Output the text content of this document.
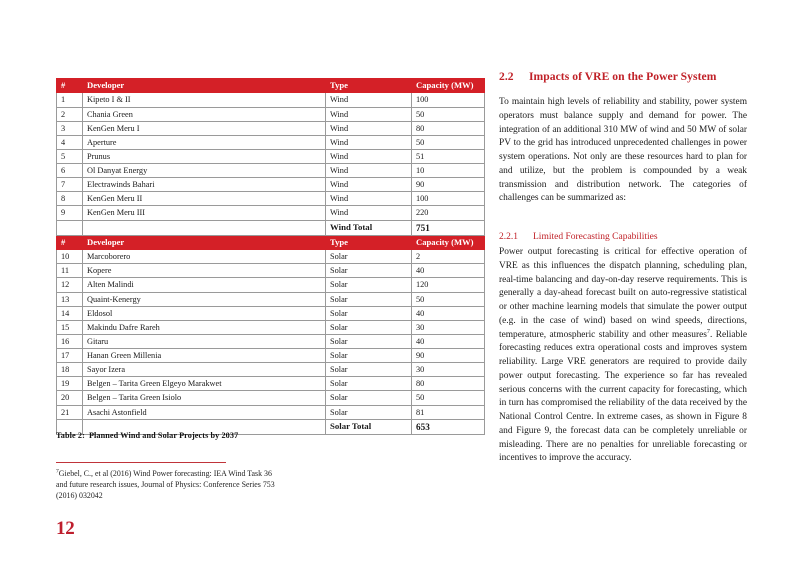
#	Developer	Type	Capacity (MW)
1	Kipeto I & II	Wind	100
2	Chania Green	Wind	50
3	KenGen Meru I	Wind	80
4	Aperture	Wind	50
5	Prunus	Wind	51
6	Ol Danyat Energy	Wind	10
7	Electrawinds Bahari	Wind	90
8	KenGen Meru II	Wind	100
9	KenGen Meru III	Wind	220
		Wind Total	751
#	Developer	Type	Capacity (MW)
10	Marcoborero	Solar	2
11	Kopere	Solar	40
12	Alten Malindi	Solar	120
13	Quaint-Kenergy	Solar	50
14	Eldosol	Solar	40
15	Makindu Dafre Rareh	Solar	30
16	Gitaru	Solar	40
17	Hanan Green Millenia	Solar	90
18	Sayor Izera	Solar	30
19	Belgen – Tarita Green Elgeyo Marakwet	Solar	80
20	Belgen – Tarita Green Isiolo	Solar	50
21	Asachi Astonfield	Solar	81
		Solar Total	653
Table 2: Planned Wind and Solar Projects by 2037
$^7$Giebel, C., et al (2016) Wind Power forecasting: IEA Wind Task 36 and future research issues, Journal of Physics: Conference Series 753 (2016) 032042
12
2.2	Impacts of VRE on the Power System
To maintain high levels of reliability and stability, power system operators must balance supply and demand for power. The integration of an additional 310 MW of wind and 50 MW of solar PV to the grid has introduced unprecedented challenges in power system operations. Not only are these resources hard to plan for and utilize, but the problem is compounded by a weak transmission and distribution network. The categories of challenges can be summarized as:
2.2.1	Limited Forecasting Capabilities
Power output forecasting is critical for effective operation of VRE as this influences the dispatch planning, scheduling plan, real-time balancing and day-on-day reserve requirements. This is generally a day-ahead forecast built on auto-regressive statistical or other machine learning models that simulate the power output (e.g. in the case of wind) based on wind speeds, directions, temperature, atmospheric stability and other measures$^7$. Reliable forecasting reduces extra operational costs and improves system reliability. Large VRE generators are required to provide daily power output forecasting. The experience so far has revealed serious concerns with the current capacity for forecasting, which in turn has compromised the reliability of the data received by the National Control Centre. In extreme cases, as shown in Figure 8 and Figure 9, the forecast data can be completely unreliable or misleading. There are no penalties for unreliable forecasting or incentives to improve the accuracy.
